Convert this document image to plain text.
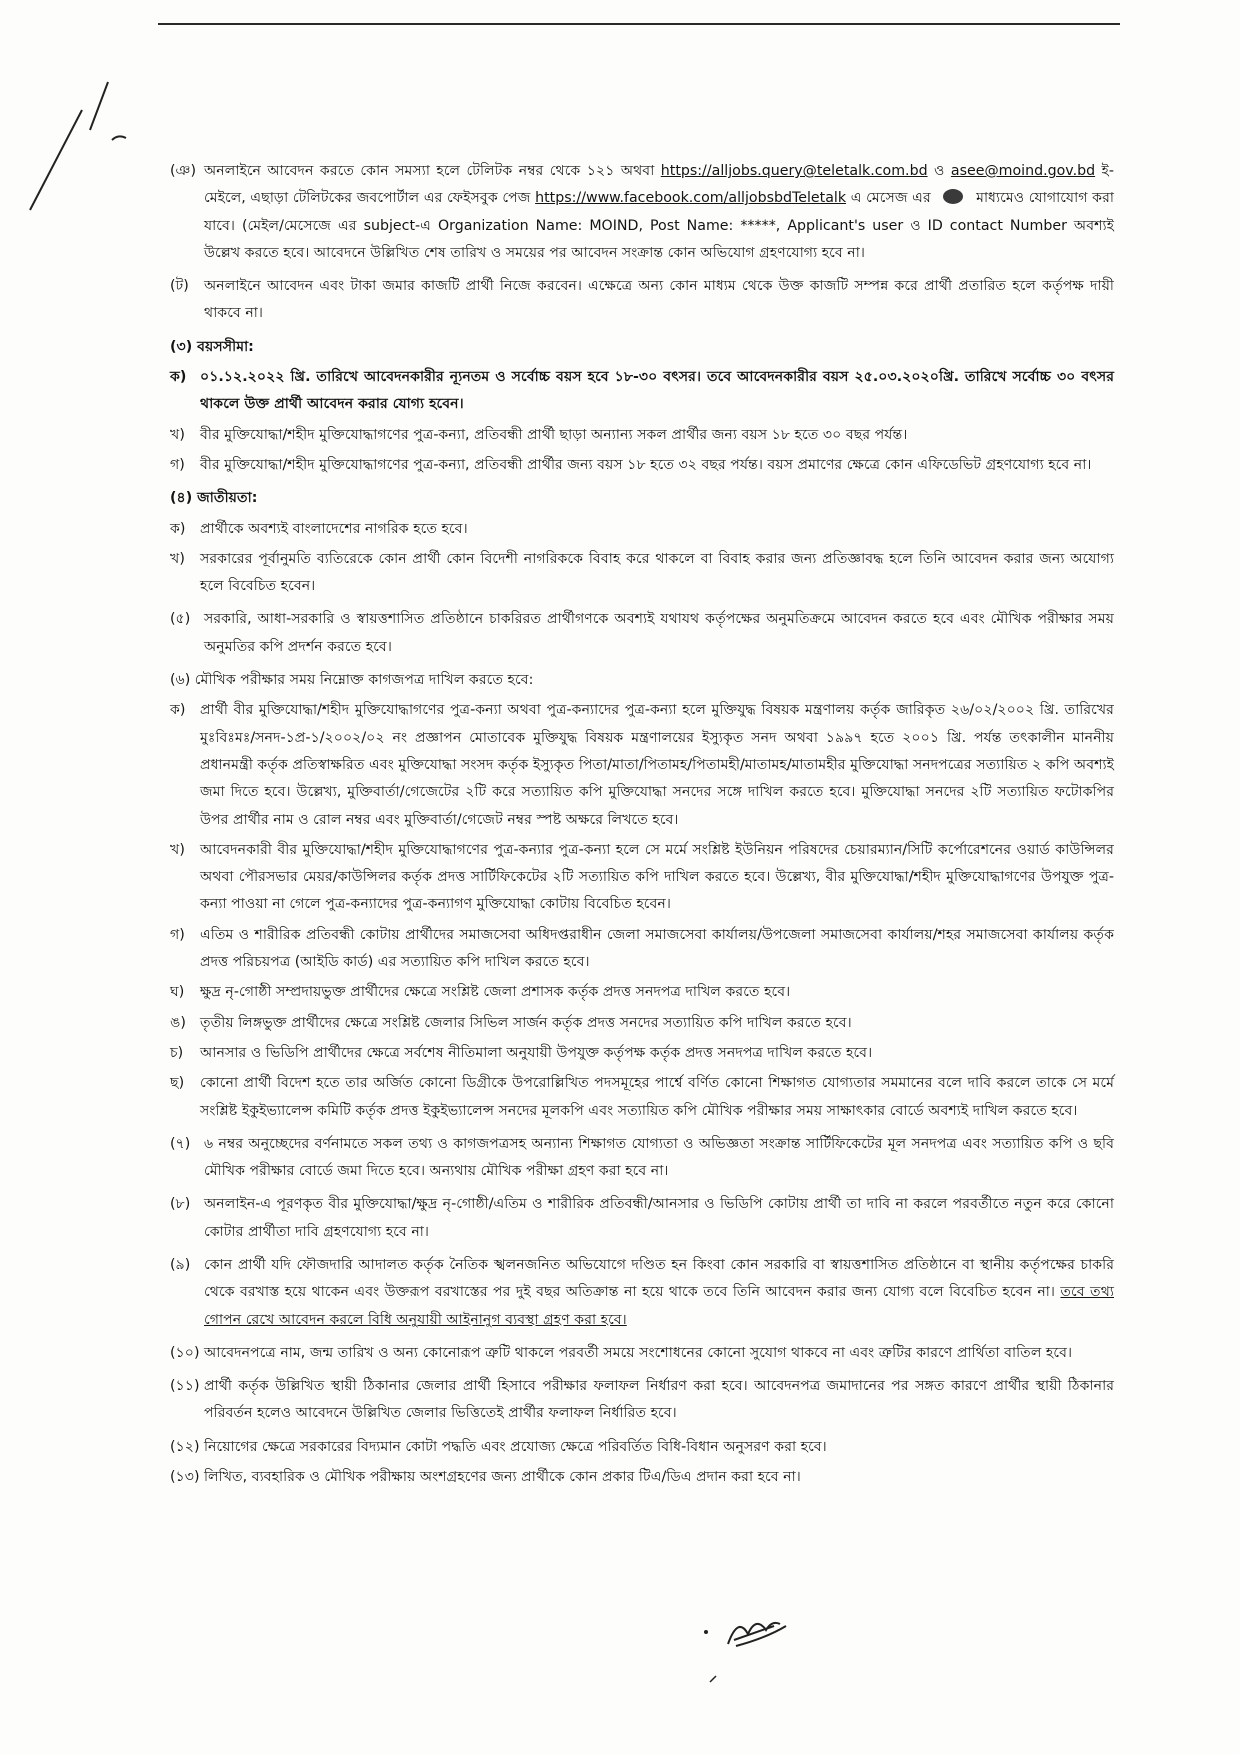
(ঞ) অনলাইনে আবেদন করতে কোন সমস্যা হলে টেলিটক নম্বর থেকে ১২১ অথবা https://alljobs.query@teletalk.com.bd ও asee@moind.gov.bd ই-মেইলে, এছাড়া টেলিটকের জবপোর্টাল এর ফেইসবুক পেজ https://www.facebook.com/alljobsbdTeletalk এ মেসেজ এর	মাধ্যমেও যোগাযোগ করা যাবে। (মেইল/মেসেজে এর subject-এ Organization Name: MOIND, Post Name: *****, Applicant's user ও ID contact Number অবশ্যই উল্লেখ করতে হবে। আবেদনে উল্লিখিত শেষ তারিখ ও সময়ের পর আবেদন সংক্রান্ত কোন অভিযোগ গ্রহণযোগ্য হবে না।
(ট) অনলাইনে আবেদন এবং টাকা জমার কাজটি প্রার্থী নিজে করবেন। এক্ষেত্রে অন্য কোন মাধ্যম থেকে উক্ত কাজটি সম্পন্ন করে প্রার্থী প্রতারিত হলে কর্তৃপক্ষ দায়ী থাকবে না।
(৩) বয়সসীমা:
ক) ০১.১২.২০২২ খ্রি. তারিখে আবেদনকারীর ন্যূনতম ও সর্বোচ্চ বয়স হবে ১৮-৩০ বৎসর। তবে আবেদনকারীর বয়স ২৫.০৩.২০২০খ্রি. তারিখে সর্বোচ্চ ৩০ বৎসর থাকলে উক্ত প্রার্থী আবেদন করার যোগ্য হবেন।
খ) বীর মুক্তিযোদ্ধা/শহীদ মুক্তিযোদ্ধাগণের পুত্র-কন্যা, প্রতিবন্ধী প্রার্থী ছাড়া অন্যান্য সকল প্রার্থীর জন্য বয়স ১৮ হতে ৩০ বছর পর্যন্ত।
গ) বীর মুক্তিযোদ্ধা/শহীদ মুক্তিযোদ্ধাগণের পুত্র-কন্যা, প্রতিবন্ধী প্রার্থীর জন্য বয়স ১৮ হতে ৩২ বছর পর্যন্ত। বয়স প্রমাণের ক্ষেত্রে কোন এফিডেভিট গ্রহণযোগ্য হবে না।
(৪) জাতীয়তা:
ক) প্রার্থীকে অবশ্যই বাংলাদেশের নাগরিক হতে হবে।
খ) সরকারের পূর্বানুমতি ব্যতিরেকে কোন প্রার্থী কোন বিদেশী নাগরিককে বিবাহ করে থাকলে বা বিবাহ করার জন্য প্রতিজ্ঞাবদ্ধ হলে তিনি আবেদন করার জন্য অযোগ্য হলে বিবেচিত হবেন।
(৫) সরকারি, আধা-সরকারি ও স্বায়ত্তশাসিত প্রতিষ্ঠানে চাকরিরত প্রার্থীগণকে অবশ্যই যথাযথ কর্তৃপক্ষের অনুমতিক্রমে আবেদন করতে হবে এবং মৌখিক পরীক্ষার সময় অনুমতির কপি প্রদর্শন করতে হবে।
(৬) মৌখিক পরীক্ষার সময় নিম্নোক্ত কাগজপত্র দাখিল করতে হবে:
ক) প্রার্থী বীর মুক্তিযোদ্ধা/শহীদ মুক্তিযোদ্ধাগণের পুত্র-কন্যা অথবা পুত্র-কন্যাদের পুত্র-কন্যা হলে মুক্তিযুদ্ধ বিষয়ক মন্ত্রণালয় কর্তৃক জারিকৃত ২৬/০২/২০০২ খ্রি. তারিখের মুঃবিঃমঃ/সনদ-১প্র-১/২০০২/০২ নং প্রজ্ঞাপন মোতাবেক মুক্তিযুদ্ধ বিষয়ক মন্ত্রণালয়ের ইস্যুকৃত সনদ অথবা ১৯৯৭ হতে ২০০১ খ্রি. পর্যন্ত তৎকালীন মাননীয় প্রধানমন্ত্রী কর্তৃক প্রতিস্বাক্ষরিত এবং মুক্তিযোদ্ধা সংসদ কর্তৃক ইস্যুকৃত পিতা/মাতা/পিতামহ/পিতামহী/মাতামহ/মাতামহীর মুক্তিযোদ্ধা সনদপত্রের সত্যায়িত ২ কপি অবশ্যই জমা দিতে হবে। উল্লেখ্য, মুক্তিবার্তা/গেজেটের ২টি করে সত্যায়িত কপি মুক্তিযোদ্ধা সনদের সঙ্গে দাখিল করতে হবে। মুক্তিযোদ্ধা সনদের ২টি সত্যায়িত ফটোকপির উপর প্রার্থীর নাম ও রোল নম্বর এবং মুক্তিবার্তা/গেজেট নম্বর স্পষ্ট অক্ষরে লিখতে হবে।
খ) আবেদনকারী বীর মুক্তিযোদ্ধা/শহীদ মুক্তিযোদ্ধাগণের পুত্র-কন্যার পুত্র-কন্যা হলে সে মর্মে সংশ্লিষ্ট ইউনিয়ন পরিষদের চেয়ারম্যান/সিটি কর্পোরেশনের ওয়ার্ড কাউন্সিলর অথবা পৌরসভার মেয়র/কাউন্সিলর কর্তৃক প্রদত্ত সার্টিফিকেটের ২টি সত্যায়িত কপি দাখিল করতে হবে। উল্লেখ্য, বীর মুক্তিযোদ্ধা/শহীদ মুক্তিযোদ্ধাগণের উপযুক্ত পুত্র-কন্যা পাওয়া না গেলে পুত্র-কন্যাদের পুত্র-কন্যাগণ মুক্তিযোদ্ধা কোটায় বিবেচিত হবেন।
গ) এতিম ও শারীরিক প্রতিবন্ধী কোটায় প্রার্থীদের সমাজসেবা অধিদপ্তরাধীন জেলা সমাজসেবা কার্যালয়/উপজেলা সমাজসেবা কার্যালয়/শহর সমাজসেবা কার্যালয় কর্তৃক প্রদত্ত পরিচয়পত্র (আইডি কার্ড) এর সত্যায়িত কপি দাখিল করতে হবে।
ঘ) ক্ষুদ্র নৃ-গোষ্ঠী সম্প্রদায়ভুক্ত প্রার্থীদের ক্ষেত্রে সংশ্লিষ্ট জেলা প্রশাসক কর্তৃক প্রদত্ত সনদপত্র দাখিল করতে হবে।
ঙ) তৃতীয় লিঙ্গভুক্ত প্রার্থীদের ক্ষেত্রে সংশ্লিষ্ট জেলার সিভিল সার্জন কর্তৃক প্রদত্ত সনদের সত্যায়িত কপি দাখিল করতে হবে।
চ) আনসার ও ভিডিপি প্রার্থীদের ক্ষেত্রে সর্বশেষ নীতিমালা অনুযায়ী উপযুক্ত কর্তৃপক্ষ কর্তৃক প্রদত্ত সনদপত্র দাখিল করতে হবে।
ছ) কোনো প্রার্থী বিদেশ হতে তার অর্জিত কোনো ডিগ্রীকে উপরোল্লিখিত পদসমূহের পার্শ্বে বর্ণিত কোনো শিক্ষাগত যোগ্যতার সমমানের বলে দাবি করলে তাকে সে মর্মে সংশ্লিষ্ট ইকুইভ্যালেন্স কমিটি কর্তৃক প্রদত্ত ইকুইভ্যালেন্স সনদের মূলকপি এবং সত্যায়িত কপি মৌখিক পরীক্ষার সময় সাক্ষাৎকার বোর্ডে অবশ্যই দাখিল করতে হবে।
(৭) ৬ নম্বর অনুচ্ছেদের বর্ণনামতে সকল তথ্য ও কাগজপত্রসহ অন্যান্য শিক্ষাগত যোগ্যতা ও অভিজ্ঞতা সংক্রান্ত সার্টিফিকেটের মূল সনদপত্র এবং সত্যায়িত কপি ও ছবি মৌখিক পরীক্ষার বোর্ডে জমা দিতে হবে। অন্যথায় মৌখিক পরীক্ষা গ্রহণ করা হবে না।
(৮) অনলাইন-এ পূরণকৃত বীর মুক্তিযোদ্ধা/ক্ষুদ্র নৃ-গোষ্ঠী/এতিম ও শারীরিক প্রতিবন্ধী/আনসার ও ভিডিপি কোটায় প্রার্থী তা দাবি না করলে পরবর্তীতে নতুন করে কোনো কোটার প্রার্থীতা দাবি গ্রহণযোগ্য হবে না।
(৯) কোন প্রার্থী যদি ফৌজদারি আদালত কর্তৃক নৈতিক স্খলনজনিত অভিযোগে দণ্ডিত হন কিংবা কোন সরকারি বা স্বায়ত্তশাসিত প্রতিষ্ঠানে বা স্থানীয় কর্তৃপক্ষের চাকরি থেকে বরখাস্ত হয়ে থাকেন এবং উক্তরূপ বরখাস্তের পর দুই বছর অতিক্রান্ত না হয়ে থাকে তবে তিনি আবেদন করার জন্য যোগ্য বলে বিবেচিত হবেন না। তবে তথ্য গোপন রেখে আবেদন করলে বিধি অনুযায়ী আইনানুগ ব্যবস্থা গ্রহণ করা হবে।
(১০) আবেদনপত্রে নাম, জন্ম তারিখ ও অন্য কোনোরূপ ত্রুটি থাকলে পরবর্তী সময়ে সংশোধনের কোনো সুযোগ থাকবে না এবং ত্রুটির কারণে প্রার্থিতা বাতিল হবে।
(১১) প্রার্থী কর্তৃক উল্লিখিত স্থায়ী ঠিকানার জেলার প্রার্থী হিসাবে পরীক্ষার ফলাফল নির্ধারণ করা হবে। আবেদনপত্র জমাদানের পর সঙ্গত কারণে প্রার্থীর স্থায়ী ঠিকানার পরিবর্তন হলেও আবেদনে উল্লিখিত জেলার ভিত্তিতেই প্রার্থীর ফলাফল নির্ধারিত হবে।
(১২) নিয়োগের ক্ষেত্রে সরকারের বিদ্যমান কোটা পদ্ধতি এবং প্রযোজ্য ক্ষেত্রে পরিবর্তিত বিধি-বিধান অনুসরণ করা হবে।
(১৩) লিখিত, ব্যবহারিক ও মৌখিক পরীক্ষায় অংশগ্রহণের জন্য প্রার্থীকে কোন প্রকার টিএ/ডিএ প্রদান করা হবে না।
